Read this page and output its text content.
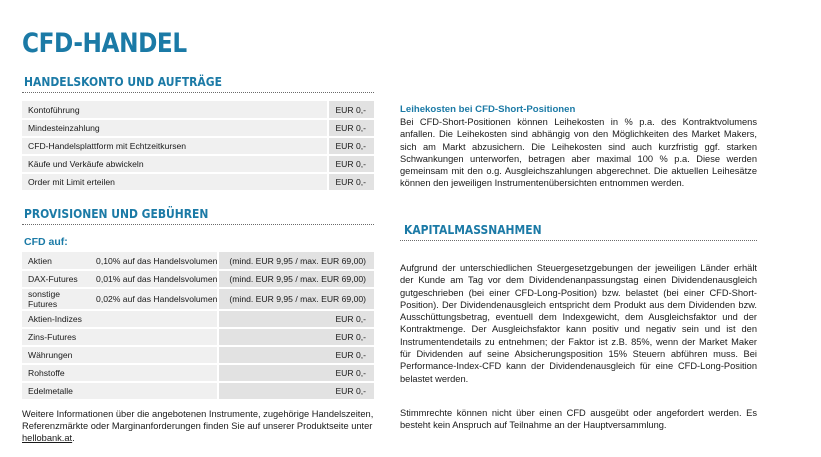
CFD-HANDEL
HANDELSKONTO UND AUFTRÄGE
Kontoführung	EUR 0,-
Mindesteinzahlung	EUR 0,-
CFD-Handelsplattform mit Echtzeitkursen	EUR 0,-
Käufe und Verkäufe abwickeln	EUR 0,-
Order mit Limit erteilen	EUR 0,-
PROVISIONEN UND GEBÜHREN
CFD auf:
Aktien	0,10% auf das Handelsvolumen	(mind. EUR 9,95 / max. EUR 69,00)
DAX-Futures	0,01% auf das Handelsvolumen	(mind. EUR 9,95 / max. EUR 69,00)
sonstige Futures	0,02% auf das Handelsvolumen	(mind. EUR 9,95 / max. EUR 69,00)
Aktien-Indizes		EUR 0,-
Zins-Futures		EUR 0,-
Währungen		EUR 0,-
Rohstoffe		EUR 0,-
Edelmetalle		EUR 0,-
Weitere Informationen über die angebotenen Instrumente, zugehörige Handelszeiten, Referenzmärkte oder Marginanforderungen finden Sie auf unserer Produktseite unter hellobank.at.
Leihekosten bei CFD-Short-Positionen
Bei CFD-Short-Positionen können Leihekosten in % p.a. des Kontraktvolumens anfallen. Die Leihekosten sind abhängig von den Möglichkeiten des Market Makers, sich am Markt abzusichern. Die Leihekosten sind auch kurzfristig ggf. starken Schwankungen unterworfen, betragen aber maximal 100 % p.a. Diese werden gemeinsam mit den o.g. Ausgleichszahlungen abgerechnet. Die aktuellen Leihesätze können den jeweiligen Instrumentenübersichten entnommen werden.
KAPITALMASSNAHMEN
Aufgrund der unterschiedlichen Steuergesetzgebungen der jeweiligen Länder erhält der Kunde am Tag vor dem Dividendenanpassungstag einen Dividendenausgleich gutgeschrieben (bei einer CFD-Long-Position) bzw. belastet (bei einer CFD-Short-Position). Der Dividendenausgleich entspricht dem Produkt aus dem Dividenden bzw. Ausschüttungsbetrag, eventuell dem Indexgewicht, dem Ausgleichsfaktor und der Kontraktmenge. Der Ausgleichsfaktor kann positiv und negativ sein und ist den Instrumentendetails zu entnehmen; der Faktor ist z.B. 85%, wenn der Market Maker für Dividenden auf seine Absicherungsposition 15% Steuern abführen muss. Bei Performance-Index-CFD kann der Dividendenausgleich für eine CFD-Long-Position belastet werden.
Stimmrechte können nicht über einen CFD ausgeübt oder angefordert werden. Es besteht kein Anspruch auf Teilnahme an der Hauptversammlung.
